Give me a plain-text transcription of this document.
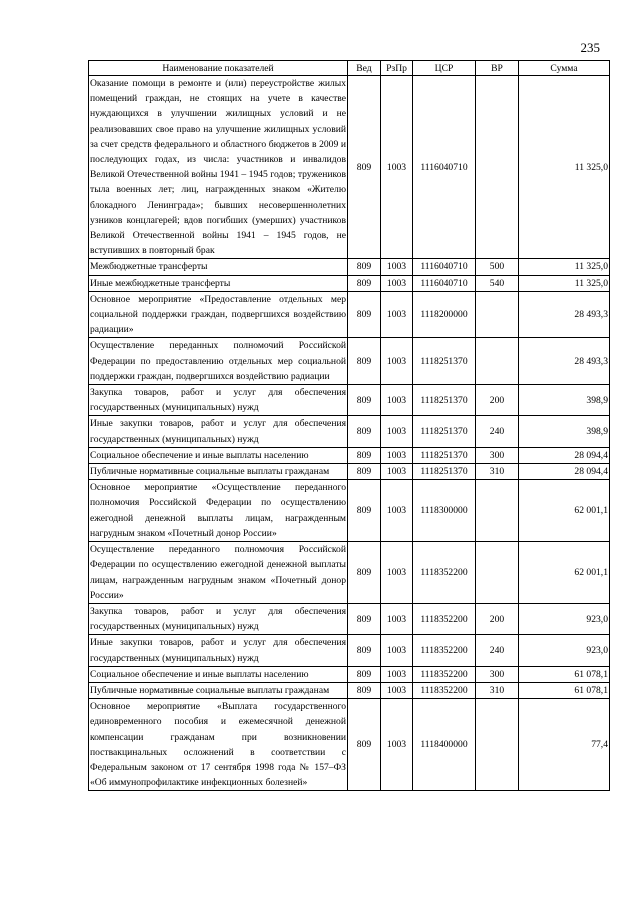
235
Наименование показателей	Вед	РзПр	ЦСР	ВР	Сумма
Оказание помощи в ремонте и (или) переустройстве жилых помещений граждан, не стоящих на учете в качестве нуждающихся в улучшении жилищных условий и не реализовавших свое право на улучшение жилищных условий за счет средств федерального и областного бюджетов в 2009 и последующих годах, из числа: участников и инвалидов Великой Отечественной войны 1941 – 1945 годов; тружеников тыла военных лет; лиц, награжденных знаком «Жителю блокадного Ленинграда»; бывших несовершеннолетних узников концлагерей; вдов погибших (умерших) участников Великой Отечественной войны 1941 – 1945 годов, не вступивших в повторный брак	809	1003	1116040710		11 325,0
Межбюджетные трансферты	809	1003	1116040710	500	11 325,0
Иные межбюджетные трансферты	809	1003	1116040710	540	11 325,0
Основное мероприятие «Предоставление отдельных мер социальной поддержки граждан, подвергшихся воздействию радиации»	809	1003	1118200000		28 493,3
Осуществление переданных полномочий Российской Федерации по предоставлению отдельных мер социальной поддержки граждан, подвергшихся воздействию радиации	809	1003	1118251370		28 493,3
Закупка товаров, работ и услуг для обеспечения государственных (муниципальных) нужд	809	1003	1118251370	200	398,9
Иные закупки товаров, работ и услуг для обеспечения государственных (муниципальных) нужд	809	1003	1118251370	240	398,9
Социальное обеспечение и иные выплаты населению	809	1003	1118251370	300	28 094,4
Публичные нормативные социальные выплаты гражданам	809	1003	1118251370	310	28 094,4
Основное мероприятие «Осуществление переданного полномочия Российской Федерации по осуществлению ежегодной денежной выплаты лицам, награжденным нагрудным знаком «Почетный донор России»	809	1003	1118300000		62 001,1
Осуществление переданного полномочия Российской Федерации по осуществлению ежегодной денежной выплаты лицам, награжденным нагрудным знаком «Почетный донор России»	809	1003	1118352200		62 001,1
Закупка товаров, работ и услуг для обеспечения государственных (муниципальных) нужд	809	1003	1118352200	200	923,0
Иные закупки товаров, работ и услуг для обеспечения государственных (муниципальных) нужд	809	1003	1118352200	240	923,0
Социальное обеспечение и иные выплаты населению	809	1003	1118352200	300	61 078,1
Публичные нормативные социальные выплаты гражданам	809	1003	1118352200	310	61 078,1
Основное мероприятие «Выплата государственного единовременного пособия и ежемесячной денежной компенсации гражданам при возникновении поствакцинальных осложнений в соответствии с Федеральным законом от 17 сентября 1998 года № 157–ФЗ «Об иммунопрофилактике инфекционных болезней»	809	1003	1118400000		77,4
